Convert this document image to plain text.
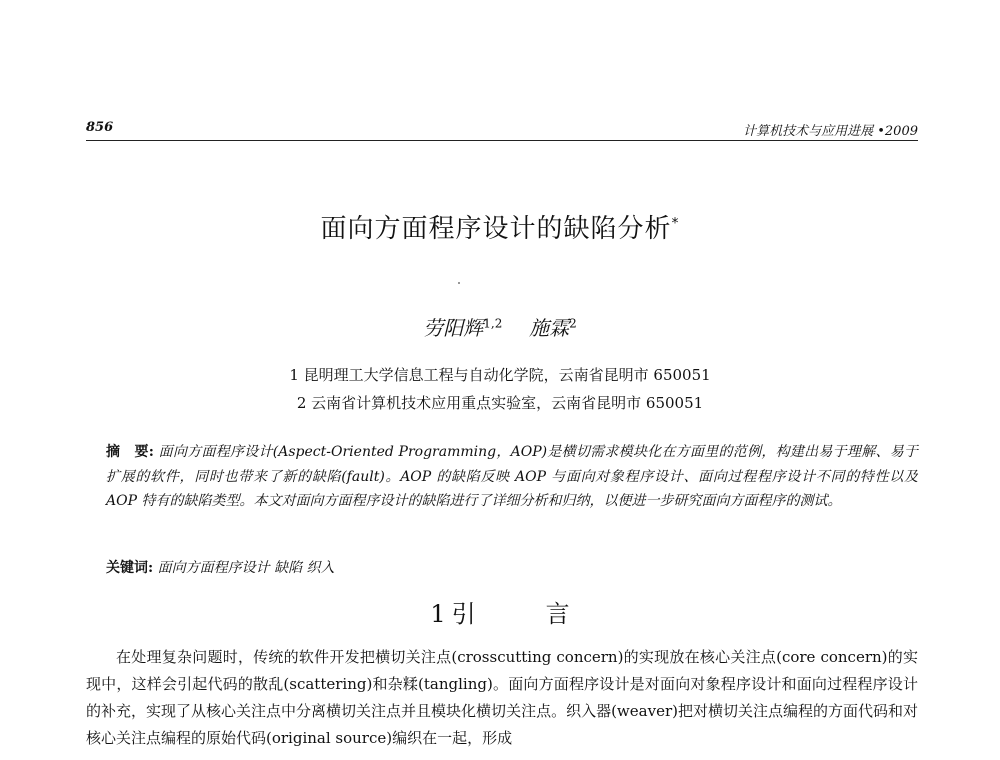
856	计算机技术与应用进展 •2009
面向方面程序设计的缺陷分析*
劳阳辉$^{1,2}$ 施霖$^2$
1 昆明理工大学信息工程与自动化学院，云南省昆明市 650051
2 云南省计算机技术应用重点实验室，云南省昆明市 650051
摘　要: 面向方面程序设计(Aspect-Oriented Programming，AOP)是横切需求模块化在方面里的范例，构建出易于理解、易于扩展的软件，同时也带来了新的缺陷(fault)。AOP 的缺陷反映 AOP 与面向对象程序设计、面向过程程序设计不同的特性以及 AOP 特有的缺陷类型。本文对面向方面程序设计的缺陷进行了详细分析和归纳，以便进一步研究面向方面程序的测试。
关键词: 面向方面程序设计 缺陷 织入
1 引	言
在处理复杂问题时，传统的软件开发把横切关注点(crosscutting concern)的实现放在核心关注点(core concern)的实现中，这样会引起代码的散乱(scattering)和杂糅(tangling)。面向方面程序设计是对面向对象程序设计和面向过程程序设计的补充，实现了从核心关注点中分离横切关注点并且模块化横切关注点。织入器(weaver)把对横切关注点编程的方面代码和对核心关注点编程的原始代码(original source)编织在一起，形成
